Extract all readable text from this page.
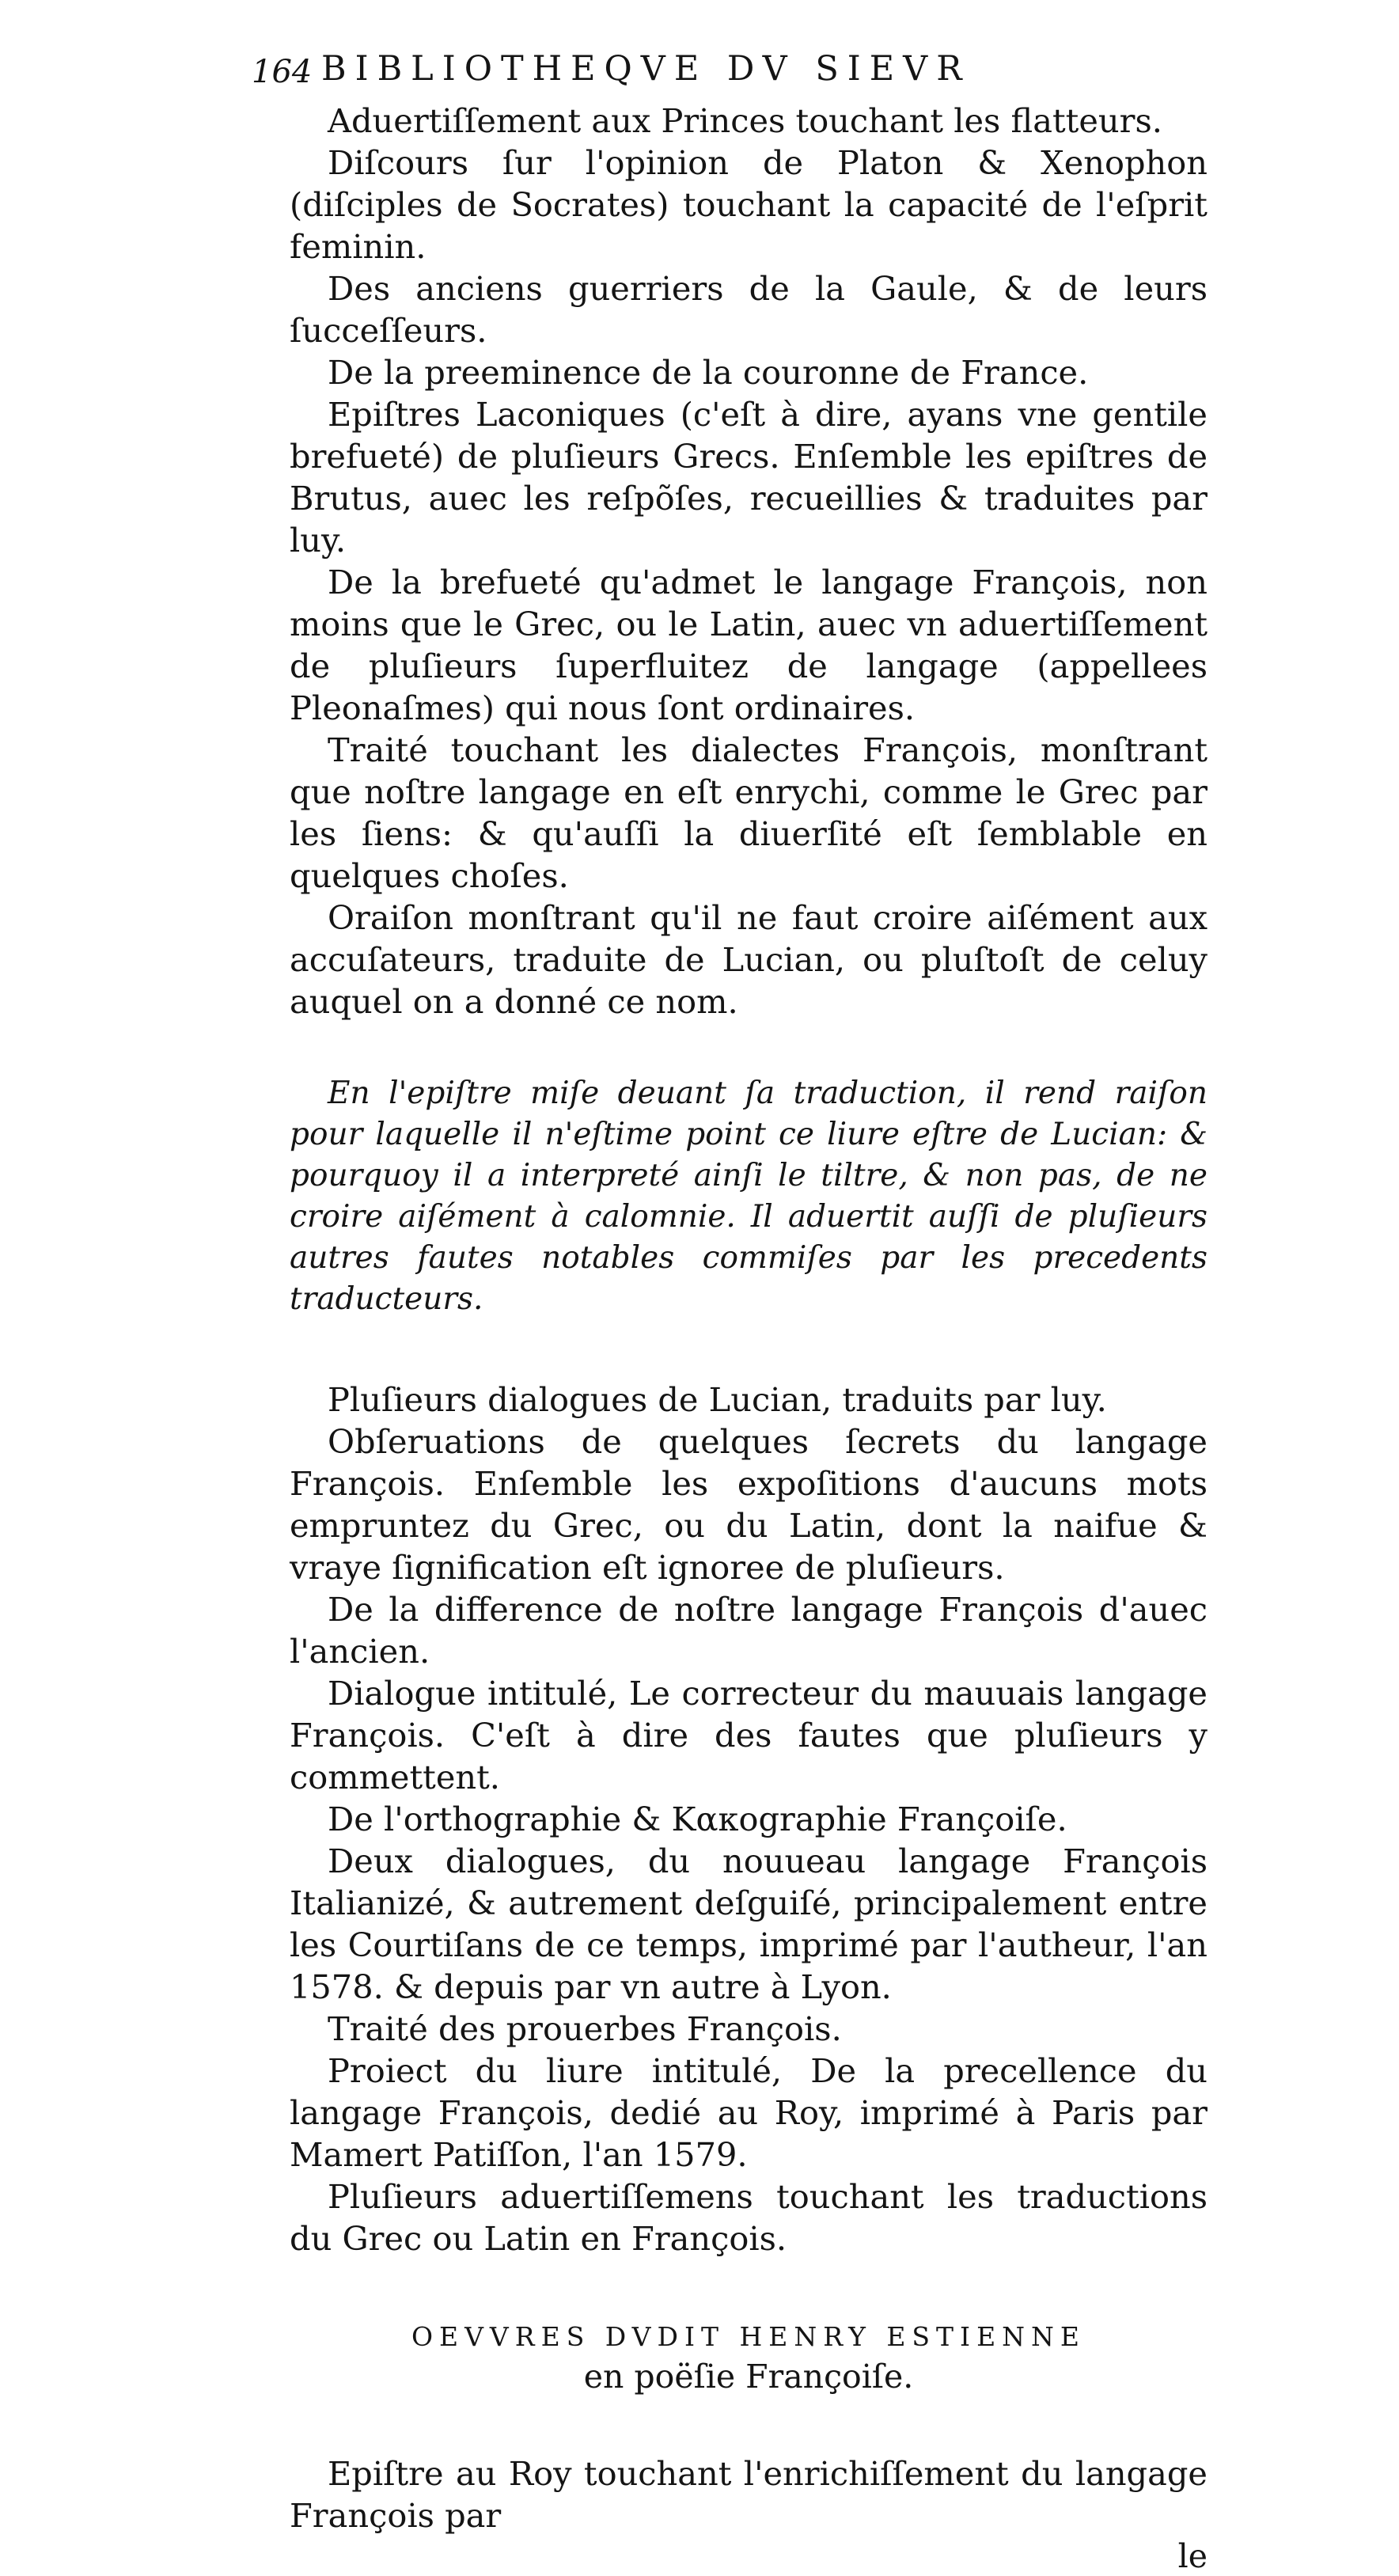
164 BIBLIOTHEQVE DV SIEVR

Aduertiſſement aux Princes touchant les flatteurs.

Diſcours ſur l'opinion de Platon & Xenophon (diſciples de Socrates) touchant la capacité de l'eſprit feminin.

Des anciens guerriers de la Gaule, & de leurs ſucceſſeurs.

De la preeminence de la couronne de France.

Epiſtres Laconiques (c'eſt à dire, ayans vne gentile brefueté) de pluſieurs Grecs. Enſemble les epiſtres de Brutus, auec les reſpõſes, recueillies & traduites par luy.

De la brefueté qu'admet le langage François, non moins que le Grec, ou le Latin, auec vn aduertiſſement de pluſieurs ſuperfluitez de langage (appellees Pleonaſmes) qui nous ſont ordinaires.

Traité touchant les dialectes François, monſtrant que noſtre langage en eſt enrychi, comme le Grec par les ſiens: & qu'auſſi la diuerſité eſt ſemblable en quelques choſes.

Oraiſon monſtrant qu'il ne faut croire aiſément aux accuſateurs, traduite de Lucian, ou pluſtoſt de celuy auquel on a donné ce nom.

En l'epiſtre miſe deuant ſa traduction, il rend raiſon pour laquelle il n'eſtime point ce liure eſtre de Lucian: & pourquoy il a interpreté ainſi le tiltre, & non pas, de ne croire aiſément à calomnie. Il aduertit auſſi de pluſieurs autres fautes notables commiſes par les precedents traducteurs.

Pluſieurs dialogues de Lucian, traduits par luy.

Obſeruations de quelques ſecrets du langage François. Enſemble les expoſitions d'aucuns mots empruntez du Grec, ou du Latin, dont la naifue & vraye ſignification eſt ignoree de pluſieurs.

De la difference de noſtre langage François d'auec l'ancien.

Dialogue intitulé, Le correcteur du mauuais langage François. C'eſt à dire des fautes que pluſieurs y commettent.

De l'orthographie & Κακographie Françoiſe.

Deux dialogues, du nouueau langage François Italianizé, & autrement deſguiſé, principalement entre les Courtiſans de ce temps, imprimé par l'autheur, l'an 1578. & depuis par vn autre à Lyon.

Traité des prouerbes François.

Proiect du liure intitulé, De la precellence du langage François, dedié au Roy, imprimé à Paris par Mamert Patiſſon, l'an 1579.

Pluſieurs aduertiſſemens touchant les traductions du Grec ou Latin en François.

OEVVRES DVDIT HENRY ESTIENNE

en poëſie Françoiſe.

Epiſtre au Roy touchant l'enrichiſſement du langage François par

le
